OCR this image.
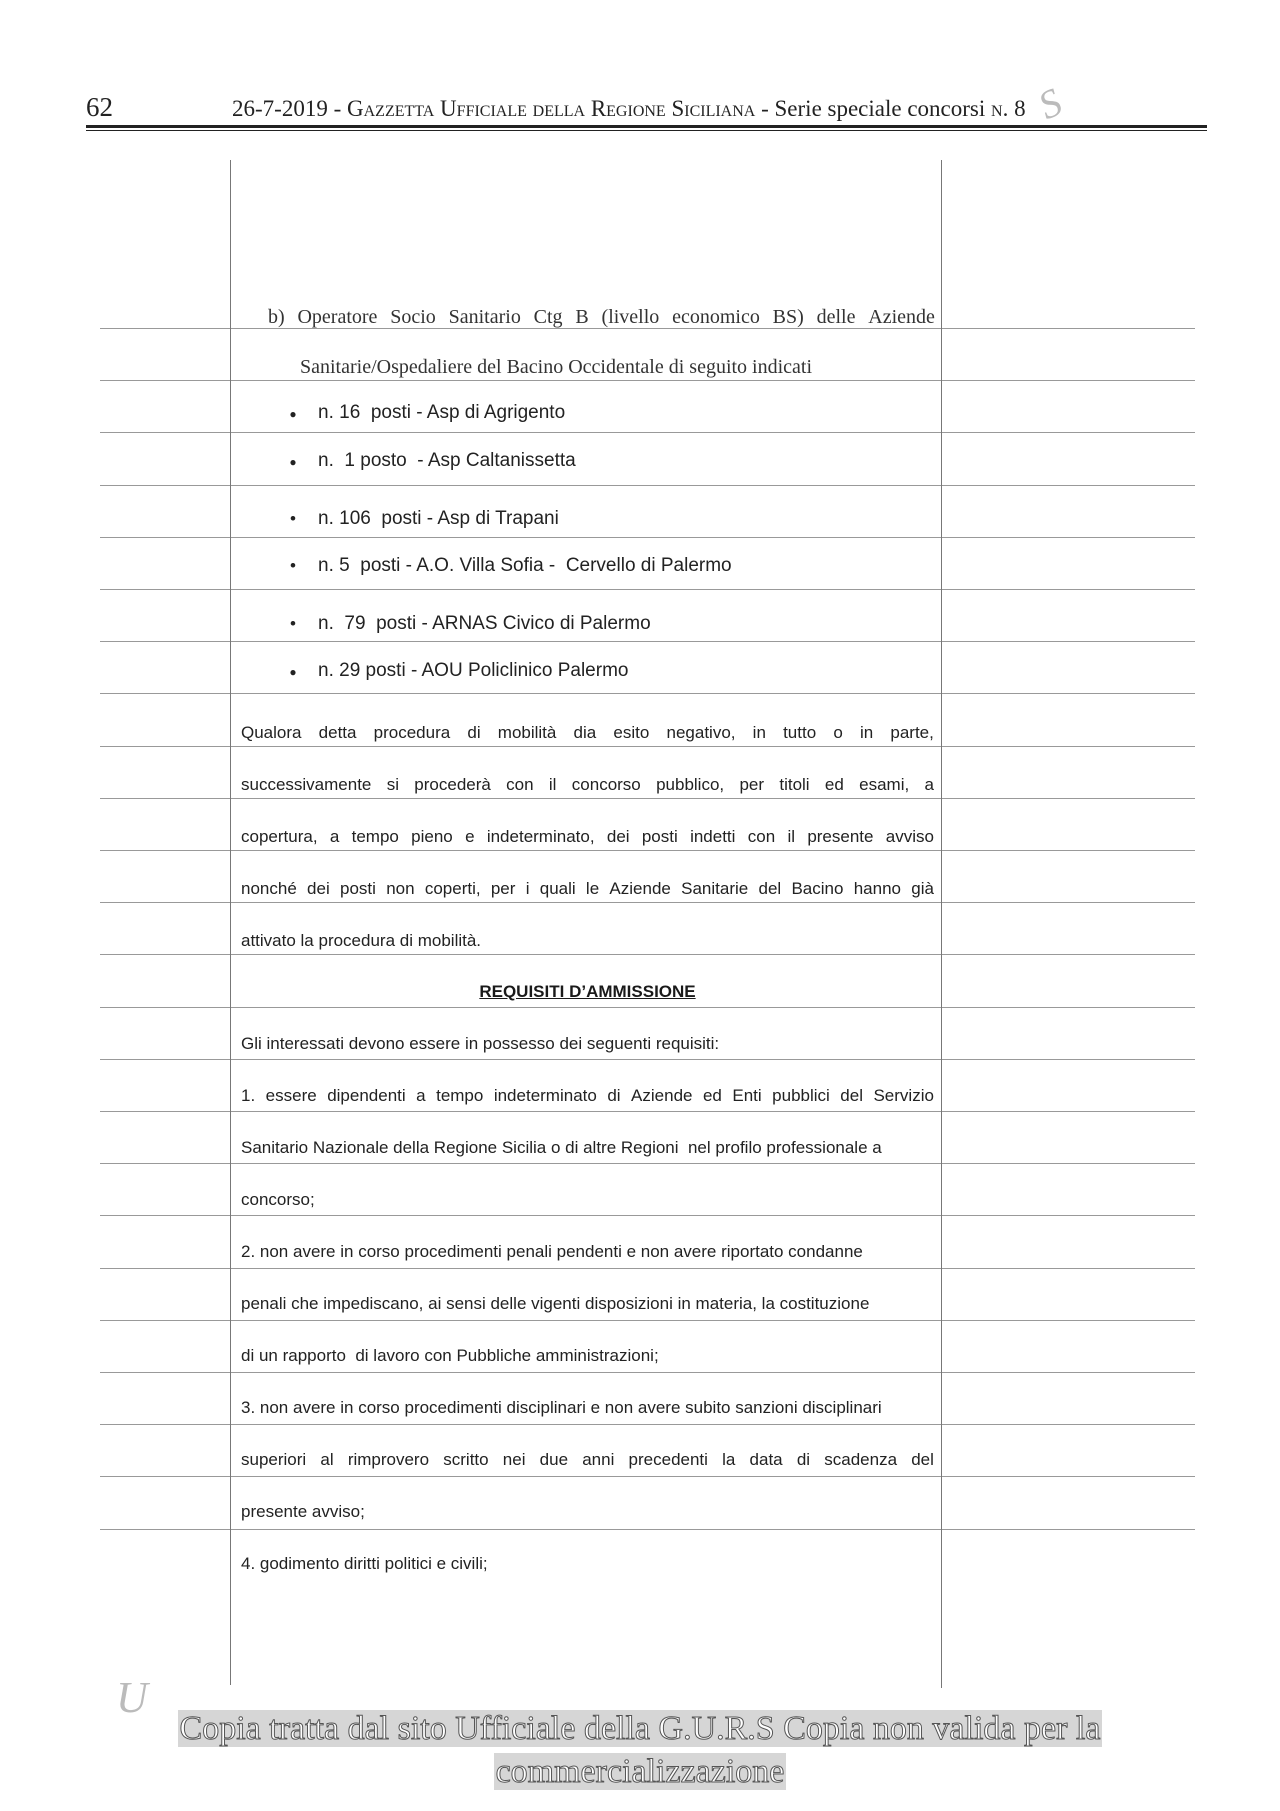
62	26-7-2019 - Gazzetta Ufficiale della Regione Siciliana - Serie speciale concorsi n. 8 S
b) Operatore Socio Sanitario Ctg B (livello economico BS) delle Aziende
Sanitarie/Ospedaliere del Bacino Occidentale di seguito indicati
● n. 16  posti - Asp di Agrigento
● n.  1 posto  - Asp Caltanissetta
• n. 106  posti - Asp di Trapani
• n. 5  posti - A.O. Villa Sofia -  Cervello di Palermo
• n.  79  posti - ARNAS Civico di Palermo
● n. 29 posti - AOU Policlinico Palermo
Qualora detta procedura di mobilità dia esito negativo, in tutto o in parte,
successivamente si procederà con il concorso pubblico, per titoli ed esami, a
copertura, a tempo pieno e indeterminato, dei posti indetti con il presente avviso
nonché dei posti non coperti, per i quali le Aziende Sanitarie del Bacino hanno già
attivato la procedura di mobilità.
Gli interessati devono essere in possesso dei seguenti requisiti:
1. essere dipendenti a tempo indeterminato di Aziende ed Enti pubblici del Servizio
Sanitario Nazionale della Regione Sicilia o di altre Regioni  nel profilo professionale a
concorso;
2. non avere in corso procedimenti penali pendenti e non avere riportato condanne
penali che impediscano, ai sensi delle vigenti disposizioni in materia, la costituzione
di un rapporto  di lavoro con Pubbliche amministrazioni;
3. non avere in corso procedimenti disciplinari e non avere subito sanzioni disciplinari
superiori al rimprovero scritto nei due anni precedenti la data di scadenza del
presente avviso;
4. godimento diritti politici e civili;
REQUISITI D’AMMISSIONE
U
Copia tratta dal sito Ufficiale della G.U.R.S Copia non valida per la
commercializzazione
